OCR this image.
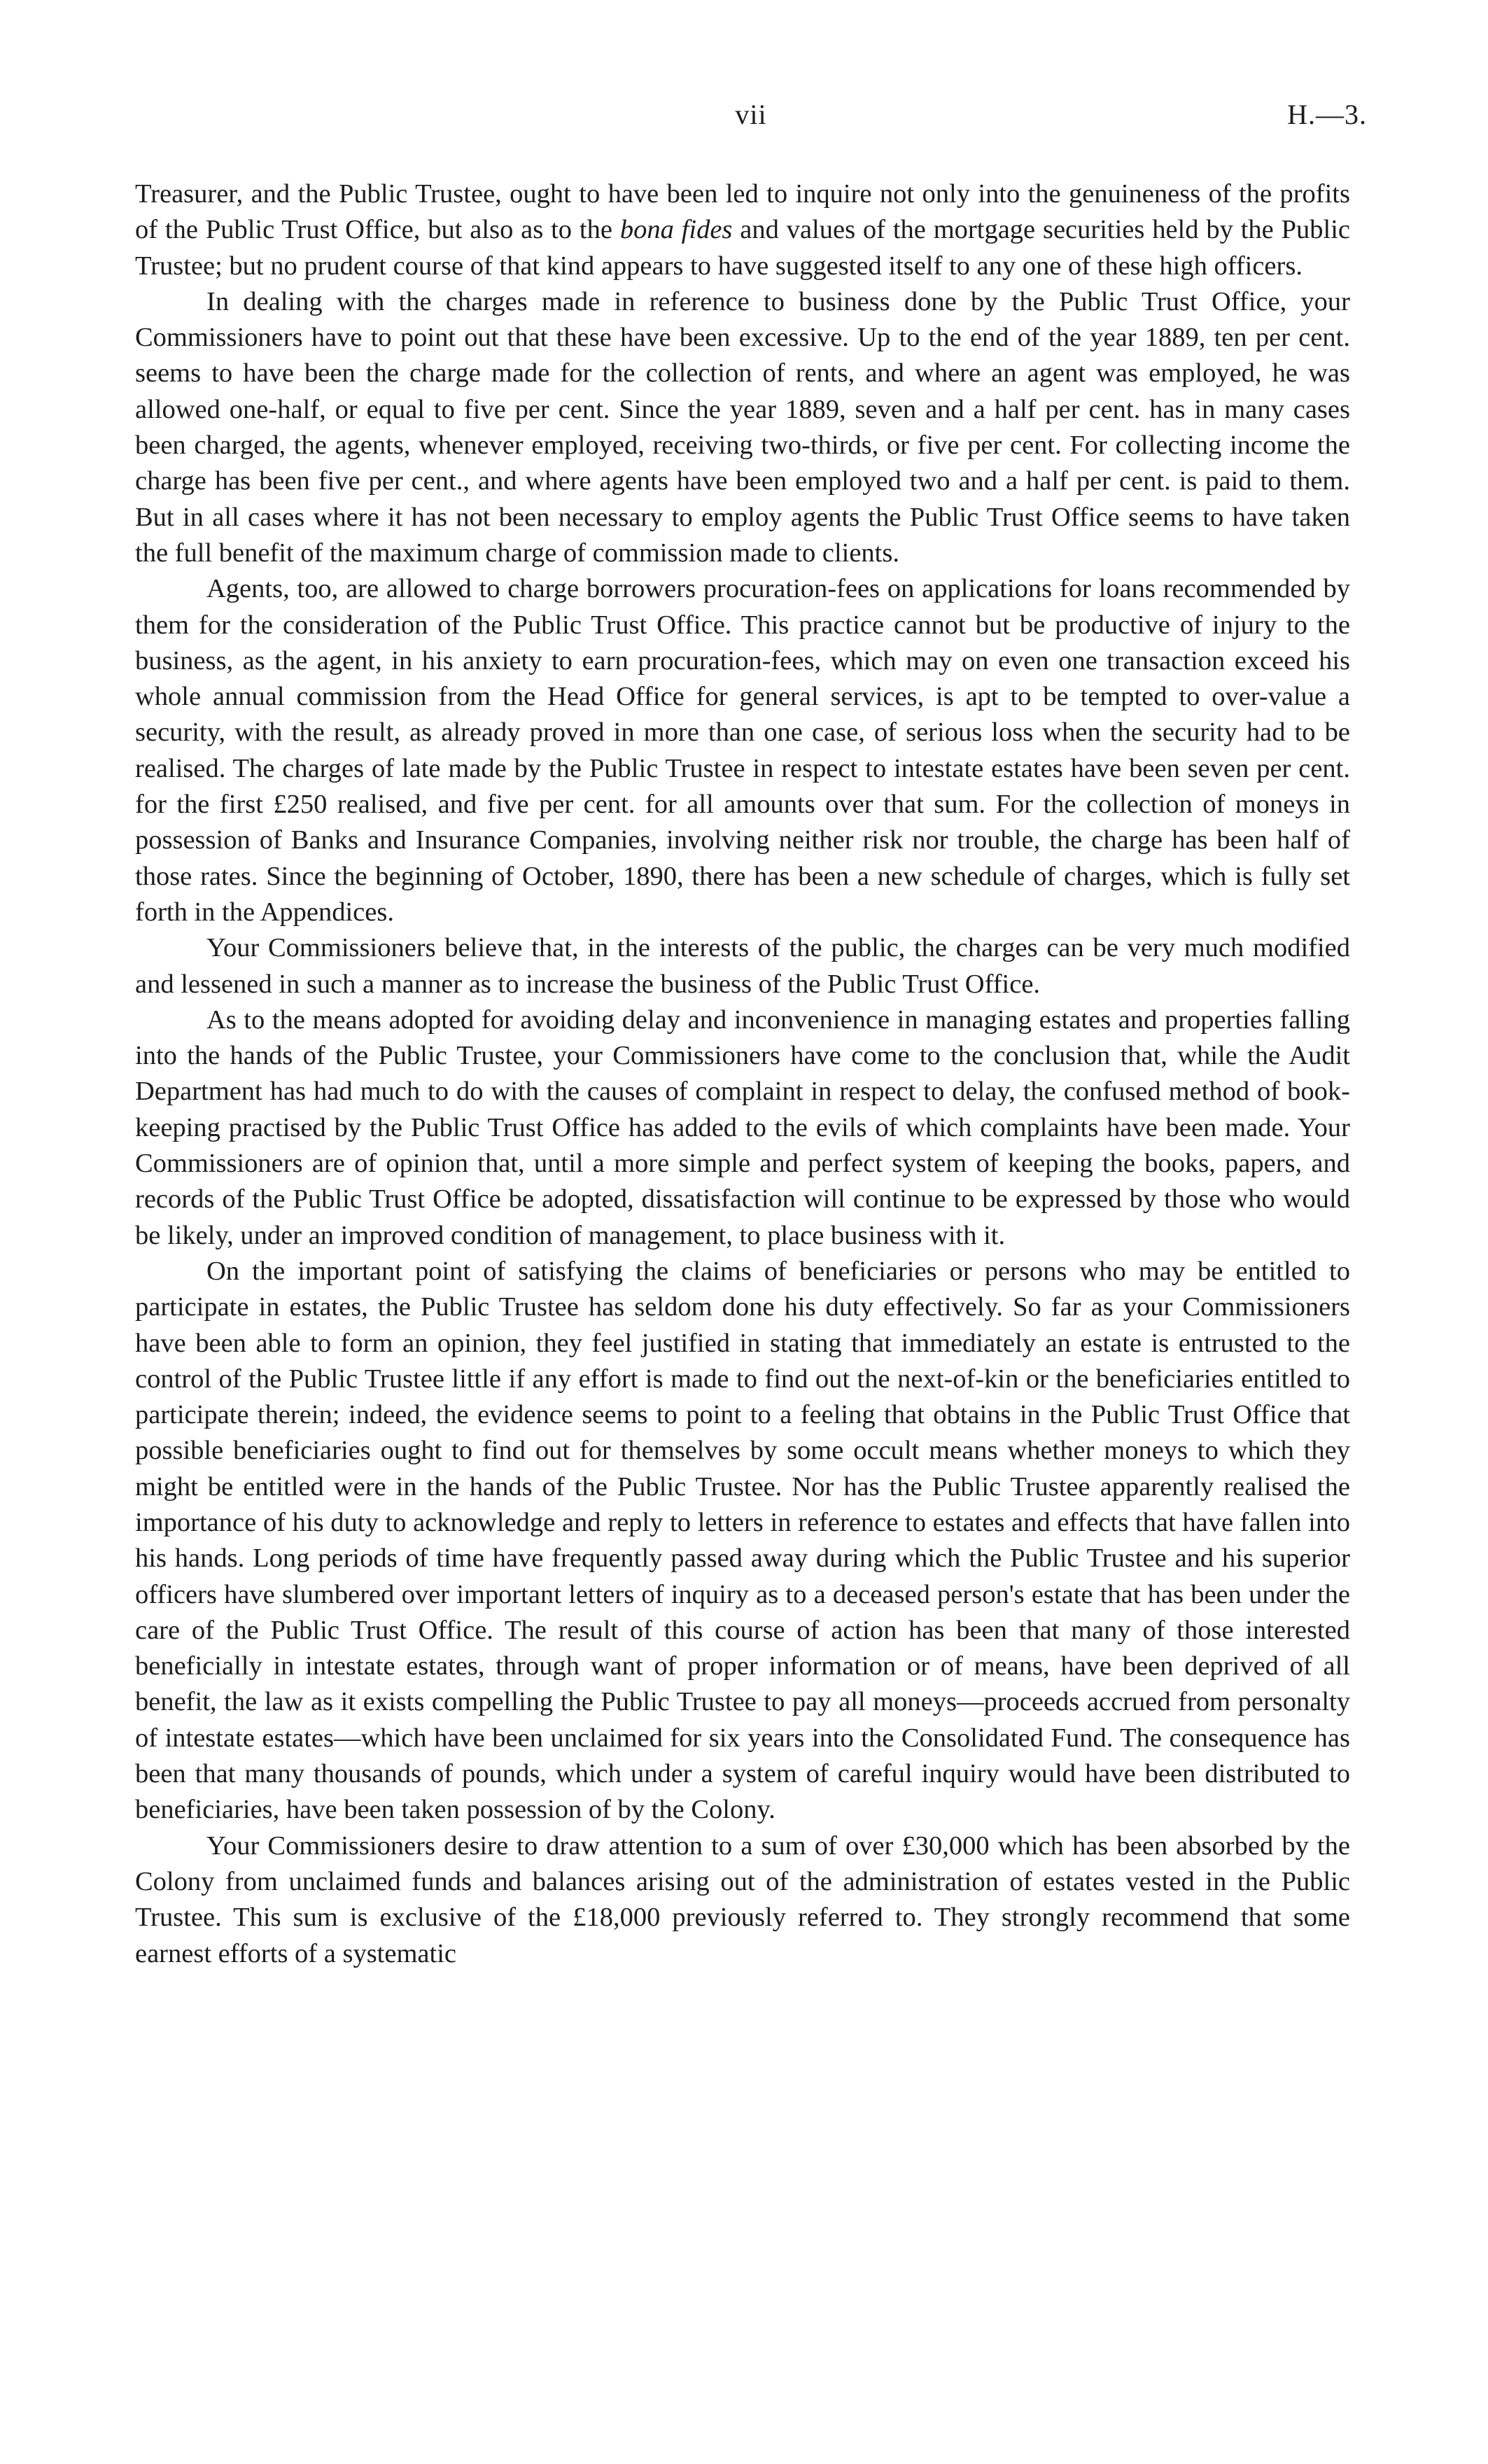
vii	H.—3.

Treasurer, and the Public Trustee, ought to have been led to inquire not only into the genuineness of the profits of the Public Trust Office, but also as to the bona fides and values of the mortgage securities held by the Public Trustee; but no prudent course of that kind appears to have suggested itself to any one of these high officers.

In dealing with the charges made in reference to business done by the Public Trust Office, your Commissioners have to point out that these have been excessive. Up to the end of the year 1889, ten per cent. seems to have been the charge made for the collection of rents, and where an agent was employed, he was allowed one-half, or equal to five per cent. Since the year 1889, seven and a half per cent. has in many cases been charged, the agents, whenever employed, receiving two-thirds, or five per cent. For collecting income the charge has been five per cent., and where agents have been employed two and a half per cent. is paid to them. But in all cases where it has not been necessary to employ agents the Public Trust Office seems to have taken the full benefit of the maximum charge of commission made to clients.

Agents, too, are allowed to charge borrowers procuration-fees on applications for loans recommended by them for the consideration of the Public Trust Office. This practice cannot but be productive of injury to the business, as the agent, in his anxiety to earn procuration-fees, which may on even one transaction exceed his whole annual commission from the Head Office for general services, is apt to be tempted to over-value a security, with the result, as already proved in more than one case, of serious loss when the security had to be realised. The charges of late made by the Public Trustee in respect to intestate estates have been seven per cent. for the first £250 realised, and five per cent. for all amounts over that sum. For the collection of moneys in possession of Banks and Insurance Companies, involving neither risk nor trouble, the charge has been half of those rates. Since the beginning of October, 1890, there has been a new schedule of charges, which is fully set forth in the Appendices.

Your Commissioners believe that, in the interests of the public, the charges can be very much modified and lessened in such a manner as to increase the business of the Public Trust Office.

As to the means adopted for avoiding delay and inconvenience in managing estates and properties falling into the hands of the Public Trustee, your Commissioners have come to the conclusion that, while the Audit Department has had much to do with the causes of complaint in respect to delay, the confused method of book-keeping practised by the Public Trust Office has added to the evils of which complaints have been made. Your Commissioners are of opinion that, until a more simple and perfect system of keeping the books, papers, and records of the Public Trust Office be adopted, dissatisfaction will continue to be expressed by those who would be likely, under an improved condition of management, to place business with it.

On the important point of satisfying the claims of beneficiaries or persons who may be entitled to participate in estates, the Public Trustee has seldom done his duty effectively. So far as your Commissioners have been able to form an opinion, they feel justified in stating that immediately an estate is entrusted to the control of the Public Trustee little if any effort is made to find out the next-of-kin or the beneficiaries entitled to participate therein; indeed, the evidence seems to point to a feeling that obtains in the Public Trust Office that possible beneficiaries ought to find out for themselves by some occult means whether moneys to which they might be entitled were in the hands of the Public Trustee. Nor has the Public Trustee apparently realised the importance of his duty to acknowledge and reply to letters in reference to estates and effects that have fallen into his hands. Long periods of time have frequently passed away during which the Public Trustee and his superior officers have slumbered over important letters of inquiry as to a deceased person's estate that has been under the care of the Public Trust Office. The result of this course of action has been that many of those interested beneficially in intestate estates, through want of proper information or of means, have been deprived of all benefit, the law as it exists compelling the Public Trustee to pay all moneys—proceeds accrued from personalty of intestate estates—which have been unclaimed for six years into the Consolidated Fund. The consequence has been that many thousands of pounds, which under a system of careful inquiry would have been distributed to beneficiaries, have been taken possession of by the Colony.

Your Commissioners desire to draw attention to a sum of over £30,000 which has been absorbed by the Colony from unclaimed funds and balances arising out of the administration of estates vested in the Public Trustee. This sum is exclusive of the £18,000 previously referred to. They strongly recommend that some earnest efforts of a systematic
